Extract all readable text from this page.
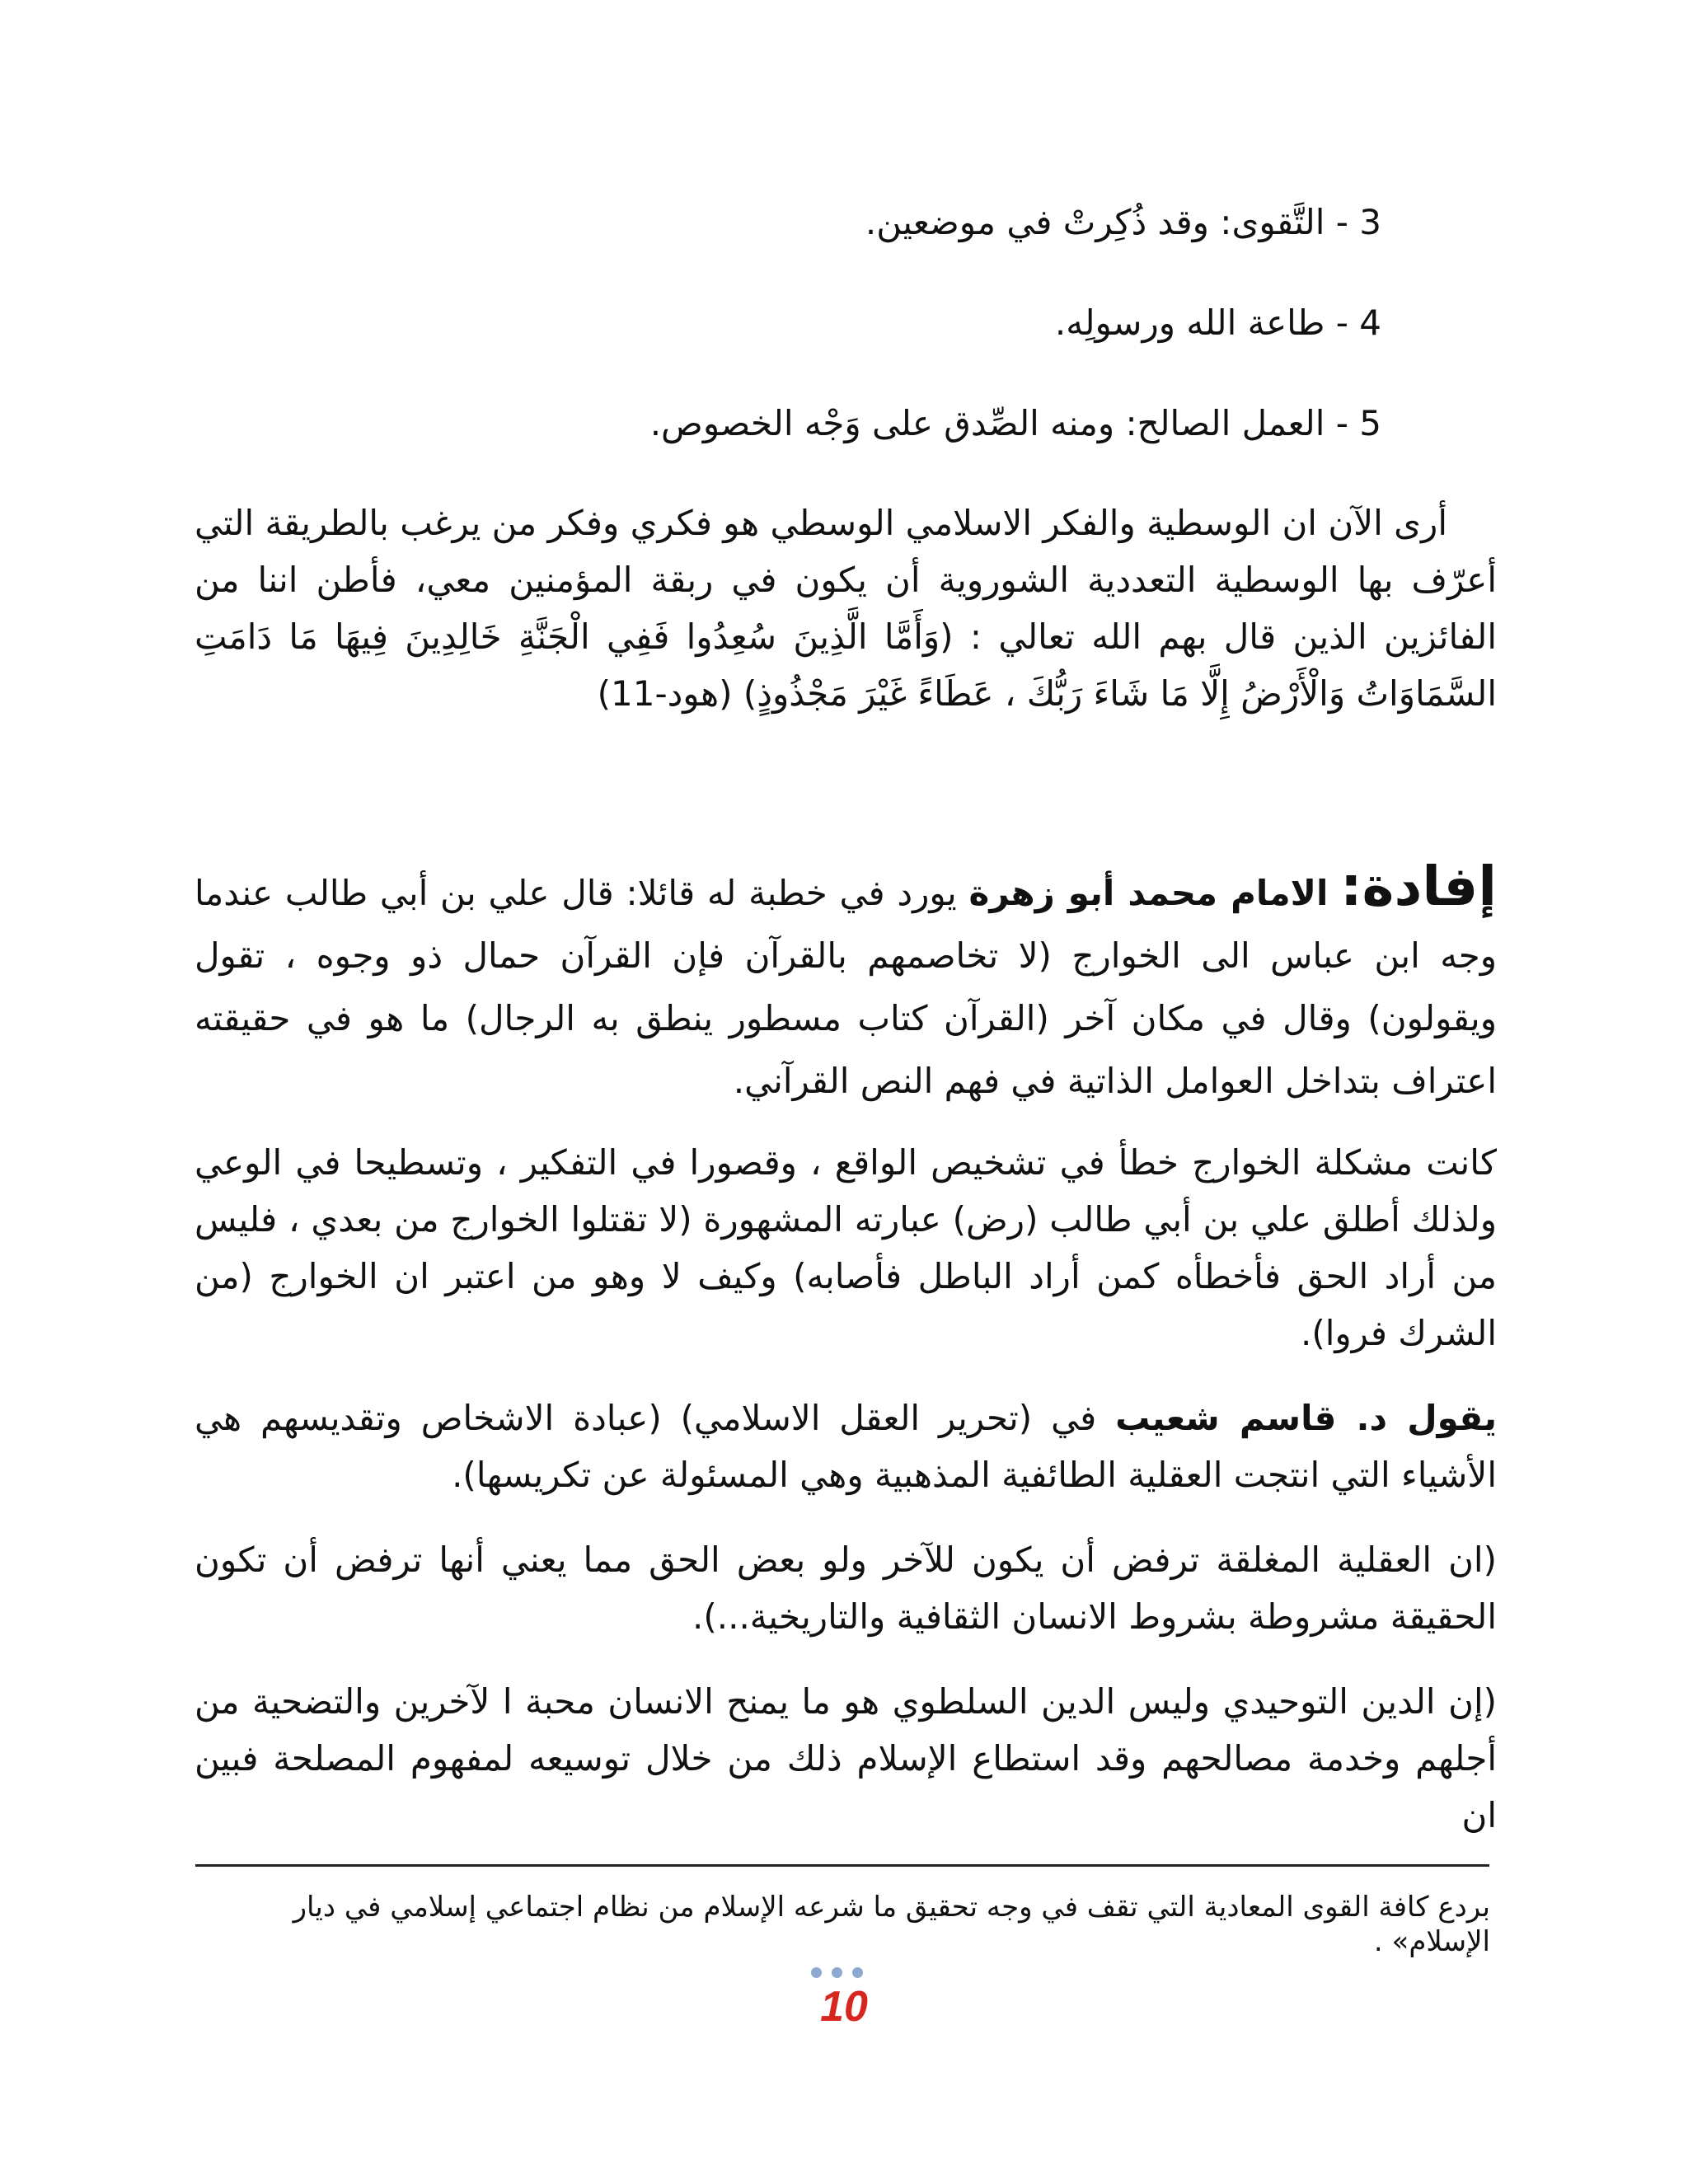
3 - التَّقوى: وقد ذُكِرتْ في موضعين.
4 - طاعة الله ورسولِه.
5 - العمل الصالح: ومنه الصِّدق على وَجْه الخصوص.

أرى الآن ان الوسطية والفكر الاسلامي الوسطي هو فكري وفكر من يرغب بالطريقة التي أعرّف بها الوسطية التعددية الشوروية أن يكون في ربقة المؤمنين معي، فأطن اننا من الفائزين الذين قال بهم الله تعالي : (وَأَمَّا الَّذِينَ سُعِدُوا فَفِي الْجَنَّةِ خَالِدِينَ فِيهَا مَا دَامَتِ السَّمَاوَاتُ وَالْأَرْضُ إِلَّا مَا شَاءَ رَبُّكَ ، عَطَاءً غَيْرَ مَجْذُوذٍ) (هود-11)

إفادة: الامام محمد أبو زهرة يورد في خطبة له قائلا: قال علي بن أبي طالب عندما وجه ابن عباس الى الخوارج (لا تخاصمهم بالقرآن فإن القرآن حمال ذو وجوه ، تقول ويقولون) وقال في مكان آخر (القرآن كتاب مسطور ينطق به الرجال) ما هو في حقيقته اعتراف بتداخل العوامل الذاتية في فهم النص القرآني.

كانت مشكلة الخوارج خطأ في تشخيص الواقع ، وقصورا في التفكير ، وتسطيحا في الوعي ولذلك أطلق علي بن أبي طالب (رض) عبارته المشهورة (لا تقتلوا الخوارج من بعدي ، فليس من أراد الحق فأخطأه كمن أراد الباطل فأصابه) وكيف لا وهو من اعتبر ان الخوارج (من الشرك فروا).

يقول د. قاسم شعيب في (تحرير العقل الاسلامي) (عبادة الاشخاص وتقديسهم هي الأشياء التي انتجت العقلية الطائفية المذهبية وهي المسئولة عن تكريسها).

(ان العقلية المغلقة ترفض أن يكون للآخر ولو بعض الحق مما يعني أنها ترفض أن تكون الحقيقة مشروطة بشروط الانسان الثقافية والتاريخية...).

(إن الدين التوحيدي وليس الدين السلطوي هو ما يمنح الانسان محبة ا لآخرين والتضحية من أجلهم وخدمة مصالحهم وقد استطاع الإسلام ذلك من خلال توسيعه لمفهوم المصلحة فبين ان

بردع كافة القوى المعادية التي تقف في وجه تحقيق ما شرعه الإسلام من نظام اجتماعي إسلامي في ديار الإسلام» .
10
